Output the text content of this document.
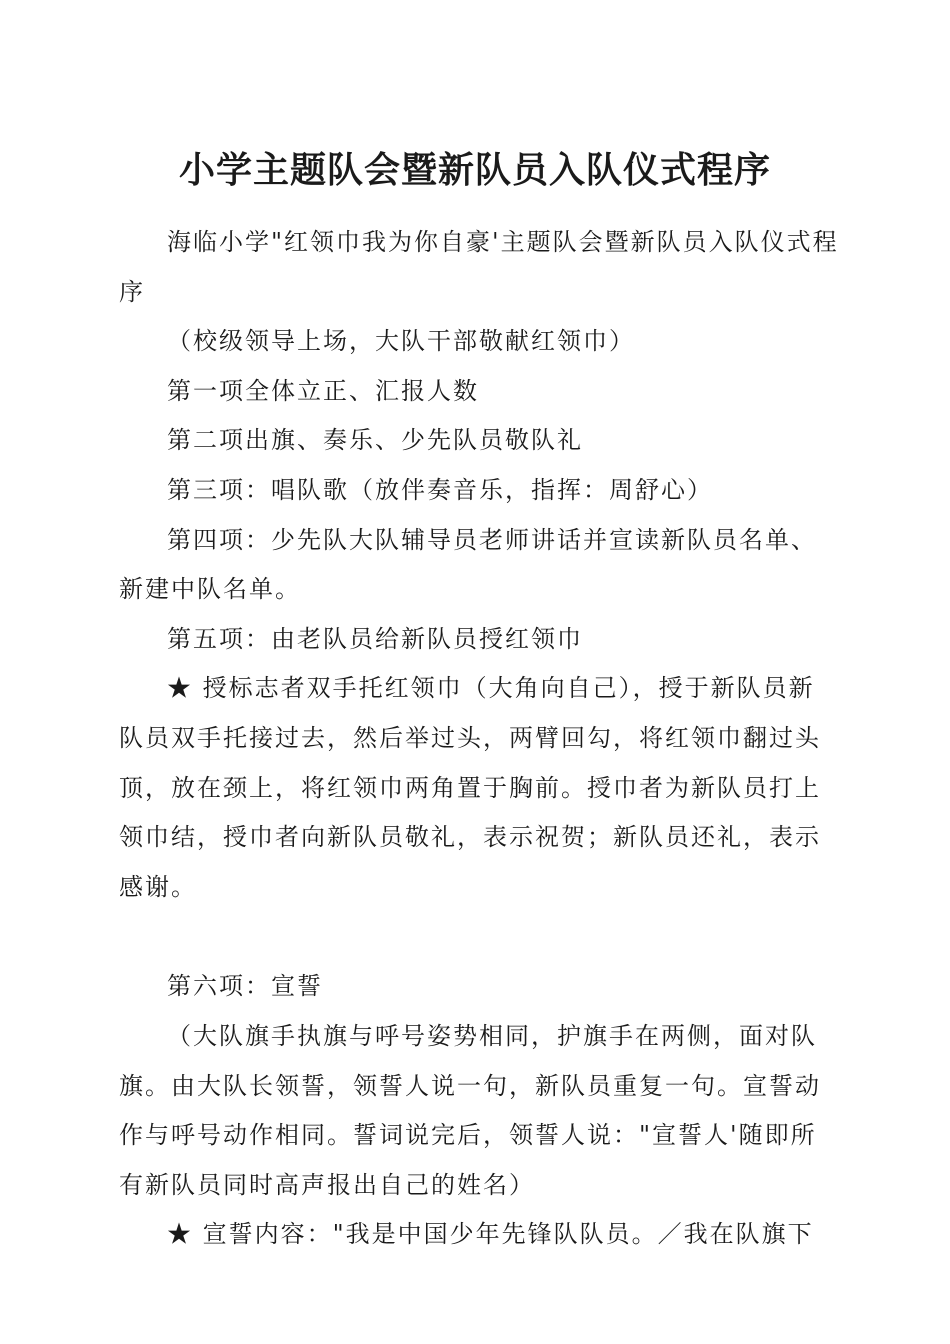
小学主题队会暨新队员入队仪式程序

海临小学"红领巾我为你自豪'主题队会暨新队员入队仪式程序

（校级领导上场，大队干部敬献红领巾）

第一项全体立正、汇报人数

第二项出旗、奏乐、少先队员敬队礼

第三项：唱队歌（放伴奏音乐，指挥：周舒心）

第四项：少先队大队辅导员老师讲话并宣读新队员名单、新建中队名单。

第五项：由老队员给新队员授红领巾

★ 授标志者双手托红领巾（大角向自己），授于新队员新队员双手托接过去，然后举过头，两臂回勾，将红领巾翻过头顶，放在颈上，将红领巾两角置于胸前。授巾者为新队员打上领巾结，授巾者向新队员敬礼，表示祝贺；新队员还礼，表示感谢。

第六项：宣誓

（大队旗手执旗与呼号姿势相同，护旗手在两侧，面对队旗。由大队长领誓，领誓人说一句，新队员重复一句。宣誓动作与呼号动作相同。誓词说完后，领誓人说："宣誓人'随即所有新队员同时高声报出自己的姓名）

★ 宣誓内容："我是中国少年先锋队队员。／我在队旗下
